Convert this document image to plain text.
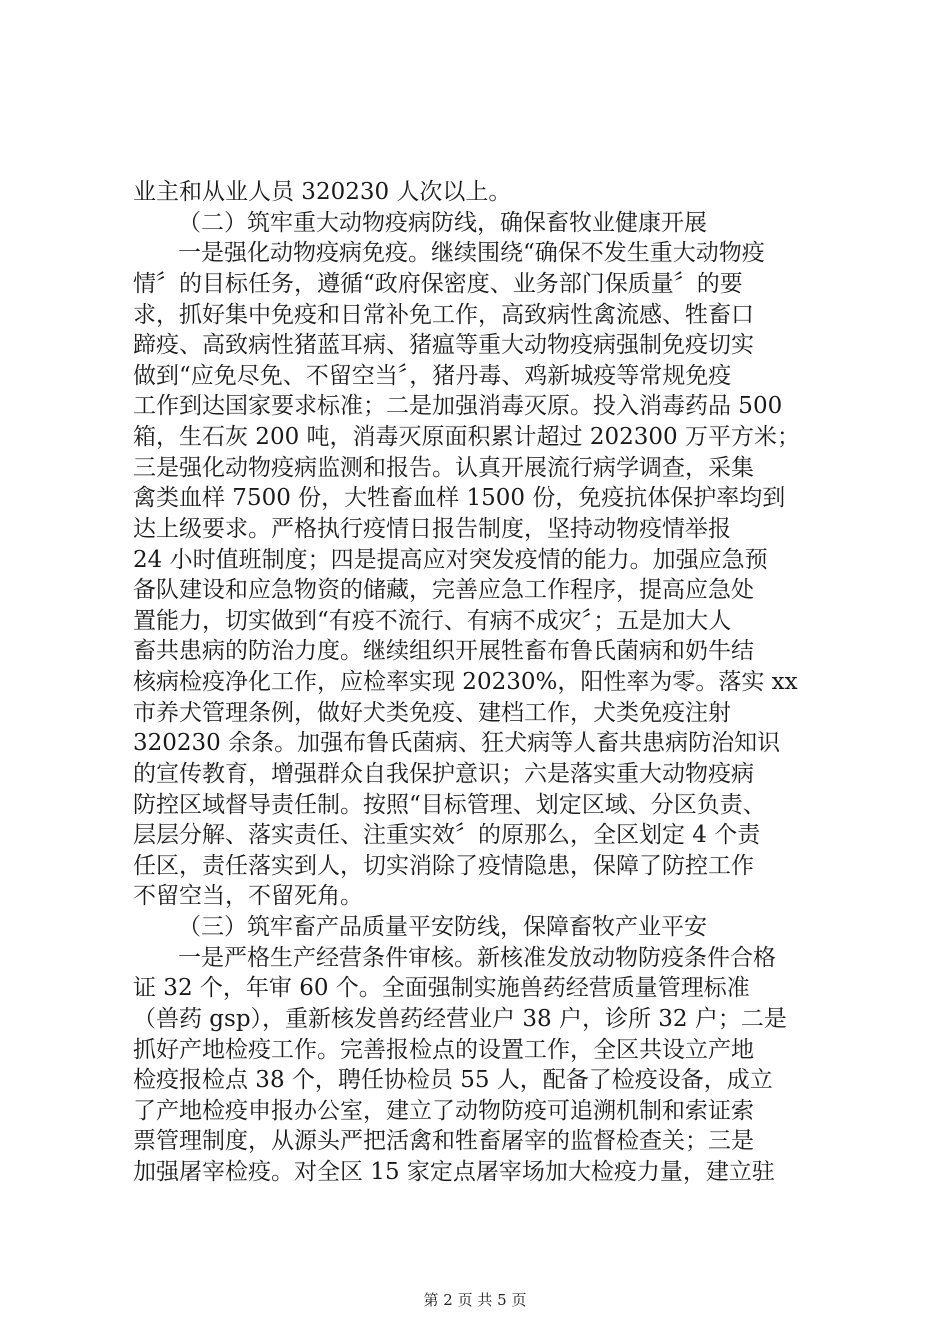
业主和从业人员 320230 人次以上。
（二）筑牢重大动物疫病防线，确保畜牧业健康开展
一是强化动物疫病免疫。继续围绕“确保不发生重大动物疫
情〞的目标任务，遵循“政府保密度、业务部门保质量〞的要
求，抓好集中免疫和日常补免工作，高致病性禽流感、牲畜口
蹄疫、高致病性猪蓝耳病、猪瘟等重大动物疫病强制免疫切实
做到“应免尽免、不留空当〞，猪丹毒、鸡新城疫等常规免疫
工作到达国家要求标准；二是加强消毒灭原。投入消毒药品 500
箱，生石灰 200 吨，消毒灭原面积累计超过 202300 万平方米；
三是强化动物疫病监测和报告。认真开展流行病学调查，采集
禽类血样 7500 份，大牲畜血样 1500 份，免疫抗体保护率均到
达上级要求。严格执行疫情日报告制度，坚持动物疫情举报
24 小时值班制度；四是提高应对突发疫情的能力。加强应急预
备队建设和应急物资的储藏，完善应急工作程序，提高应急处
置能力，切实做到“有疫不流行、有病不成灾〞；五是加大人
畜共患病的防治力度。继续组织开展牲畜布鲁氏菌病和奶牛结
核病检疫净化工作，应检率实现 20230%，阳性率为零。落实 xx
市养犬管理条例，做好犬类免疫、建档工作，犬类免疫注射
320230 余条。加强布鲁氏菌病、狂犬病等人畜共患病防治知识
的宣传教育，增强群众自我保护意识；六是落实重大动物疫病
防控区域督导责任制。按照“目标管理、划定区域、分区负责、
层层分解、落实责任、注重实效〞的原那么，全区划定 4 个责
任区，责任落实到人，切实消除了疫情隐患，保障了防控工作
不留空当，不留死角。
（三）筑牢畜产品质量平安防线，保障畜牧产业平安
一是严格生产经营条件审核。新核准发放动物防疫条件合格
证 32 个，年审 60 个。全面强制实施兽药经营质量管理标准
（兽药 gsp），重新核发兽药经营业户 38 户，诊所 32 户；二是
抓好产地检疫工作。完善报检点的设置工作，全区共设立产地
检疫报检点 38 个，聘任协检员 55 人，配备了检疫设备，成立
了产地检疫申报办公室，建立了动物防疫可追溯机制和索证索
票管理制度，从源头严把活禽和牲畜屠宰的监督检查关；三是
加强屠宰检疫。对全区 15 家定点屠宰场加大检疫力量，建立驻
第 2 页 共 5 页
